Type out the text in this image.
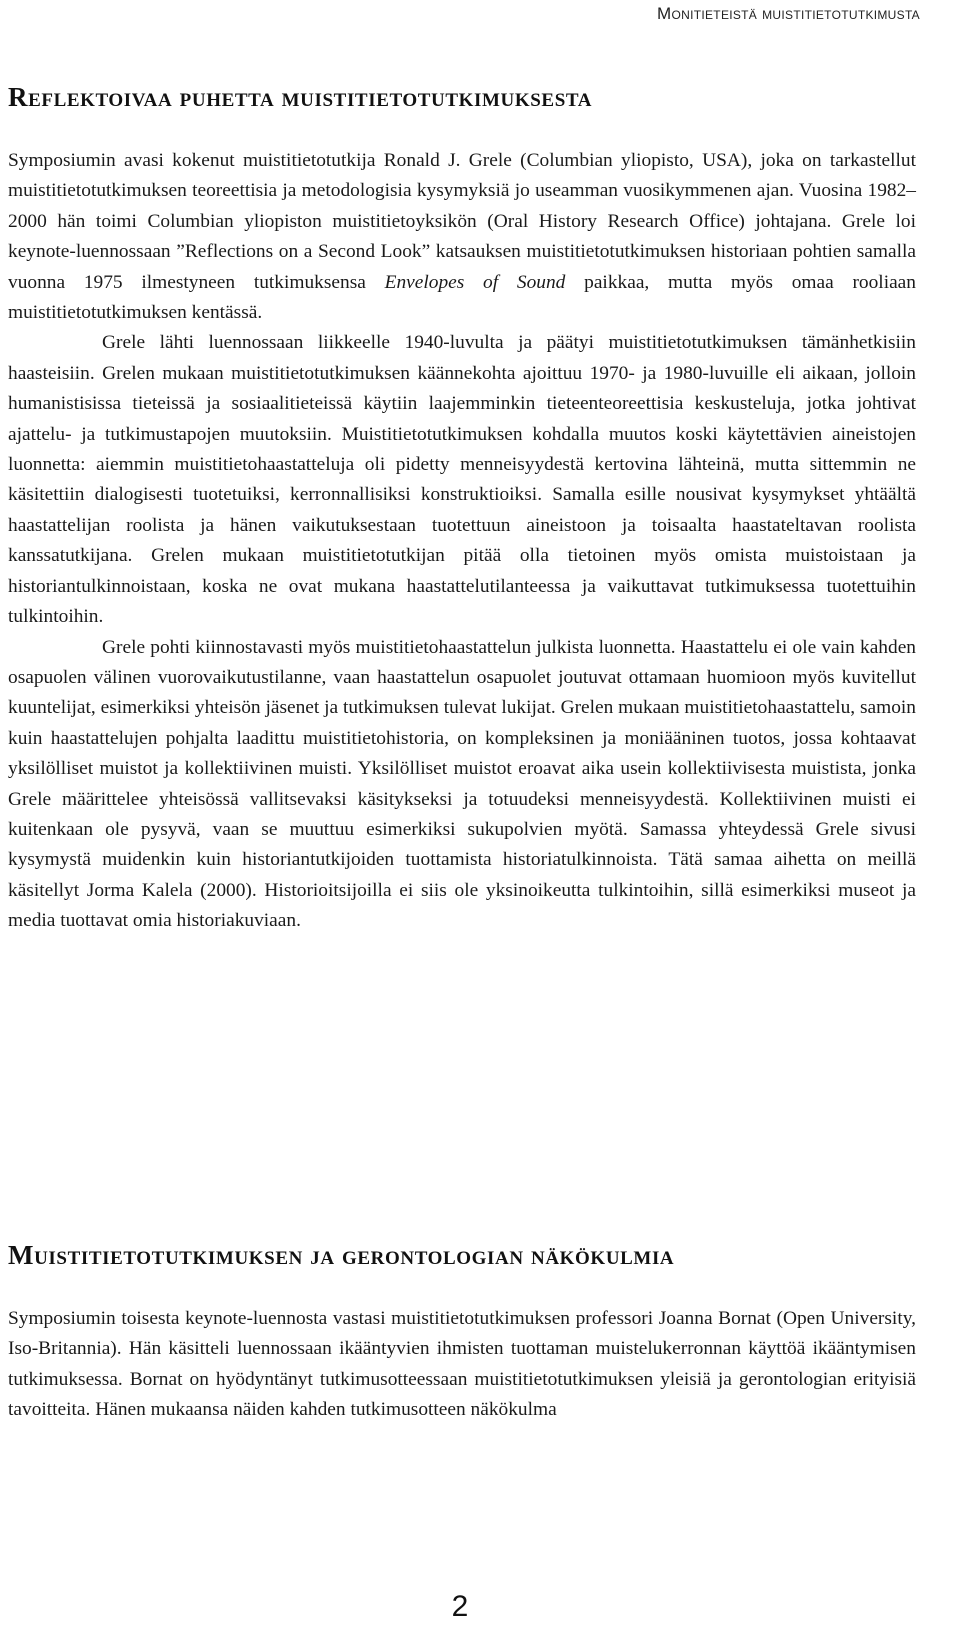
Monitieteistä muistitietotutkimusta
Reflektoivaa puhetta muistitietotutkimuksesta

Symposiumin avasi kokenut muistitietotutkija Ronald J. Grele (Columbian yliopisto, USA), joka on tarkastellut muistitietotutkimuksen teoreettisia ja metodologisia kysymyksiä jo useamman vuosikymmenen ajan. Vuosina 1982–2000 hän toimi Columbian yliopiston muistitietoyksikön (Oral History Research Office) johtajana. Grele loi keynote-luennossaan ”Reflections on a Second Look” katsauksen muistitietotutkimuksen historiaan pohtien samalla vuonna 1975 ilmestyneen tutkimuksensa Envelopes of Sound paikkaa, mutta myös omaa rooliaan muistitietotutkimuksen kentässä.

Grele lähti luennossaan liikkeelle 1940-luvulta ja päätyi muistitietotutkimuksen tämänhetkisiin haasteisiin. Grelen mukaan muistitietotutkimuksen käännekohta ajoittuu 1970- ja 1980-luvuille eli aikaan, jolloin humanistisissa tieteissä ja sosiaalitieteissä käytiin laajemminkin tieteenteoreettisia keskusteluja, jotka johtivat ajattelu- ja tutkimustapojen muutoksiin. Muistitietotutkimuksen kohdalla muutos koski käytettävien aineistojen luonnetta: aiemmin muistitietohaastatteluja oli pidetty menneisyydestä kertovina lähteinä, mutta sittemmin ne käsitettiin dialogisesti tuotetuiksi, kerronnallisiksi konstruktioiksi. Samalla esille nousivat kysymykset yhtäältä haastattelijan roolista ja hänen vaikutuksestaan tuotettuun aineistoon ja toisaalta haastateltavan roolista kanssatutkijana. Grelen mukaan muistitietotutkijan pitää olla tietoinen myös omista muistoistaan ja historiantulkinnoistaan, koska ne ovat mukana haastattelutilanteessa ja vaikuttavat tutkimuksessa tuotettuihin tulkintoihin.

Grele pohti kiinnostavasti myös muistitietohaastattelun julkista luonnetta. Haastattelu ei ole vain kahden osapuolen välinen vuorovaikutustilanne, vaan haastattelun osapuolet joutuvat ottamaan huomioon myös kuvitellut kuuntelijat, esimerkiksi yhteisön jäsenet ja tutkimuksen tulevat lukijat. Grelen mukaan muistitietohaastattelu, samoin kuin haastattelujen pohjalta laadittu muistitietohistoria, on kompleksinen ja moniääninen tuotos, jossa kohtaavat yksilölliset muistot ja kollektiivinen muisti. Yksilölliset muistot eroavat aika usein kollektiivisesta muistista, jonka Grele määrittelee yhteisössä vallitsevaksi käsitykseksi ja totuudeksi menneisyydestä. Kollektiivinen muisti ei kuitenkaan ole pysyvä, vaan se muuttuu esimerkiksi sukupolvien myötä. Samassa yhteydessä Grele sivusi kysymystä muidenkin kuin historiantutkijoiden tuottamista historiatulkinnoista. Tätä samaa aihetta on meillä käsitellyt Jorma Kalela (2000). Historioitsijoilla ei siis ole yksinoikeutta tulkintoihin, sillä esimerkiksi museot ja media tuottavat omia historiakuviaan.

Muistitietotutkimuksen ja gerontologian näkökulmia

Symposiumin toisesta keynote-luennosta vastasi muistitietotutkimuksen professori Joanna Bornat (Open University, Iso-Britannia). Hän käsitteli luennossaan ikääntyvien ihmisten tuottaman muistelukerronnan käyttöä ikääntymisen tutkimuksessa. Bornat on hyödyntänyt tutkimusotteessaan muistitietotutkimuksen yleisiä ja gerontologian erityisiä tavoitteita. Hänen mukaansa näiden kahden tutkimusotteen näkökulma

2
